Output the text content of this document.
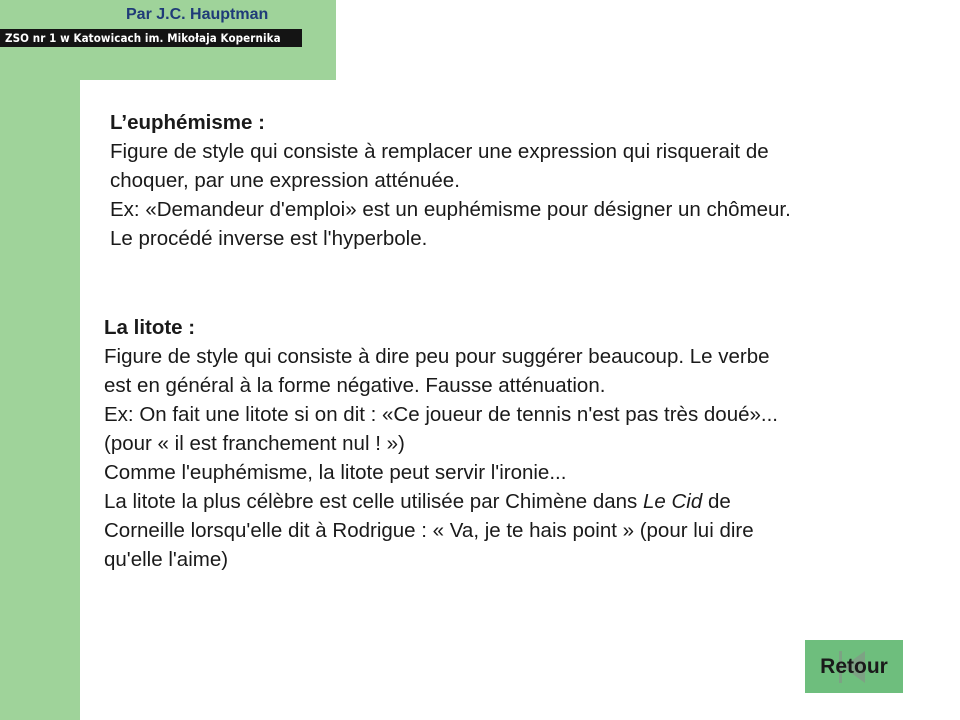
Par J.C. Hauptman
ZSO nr 1 w Katowicach im. Mikołaja Kopernika
L’euphémisme :

Figure de style qui consiste à remplacer une expression qui risquerait de

choquer, par une expression atténuée.

Ex: «Demandeur d'emploi» est un euphémisme pour désigner un chômeur.

Le procédé inverse est l'hyperbole.

La litote :

Figure de style qui consiste à dire peu pour suggérer beaucoup. Le verbe

est en général à la forme négative. Fausse atténuation.

Ex: On fait une litote si on dit : «Ce joueur de tennis n'est pas très doué»...

(pour « il est franchement nul ! »)

Comme l'euphémisme, la litote peut servir l'ironie...

La litote la plus célèbre est celle utilisée par Chimène dans Le Cid de

Corneille lorsqu'elle dit à Rodrigue : « Va, je te hais point » (pour lui dire

qu'elle l'aime)

Retour
